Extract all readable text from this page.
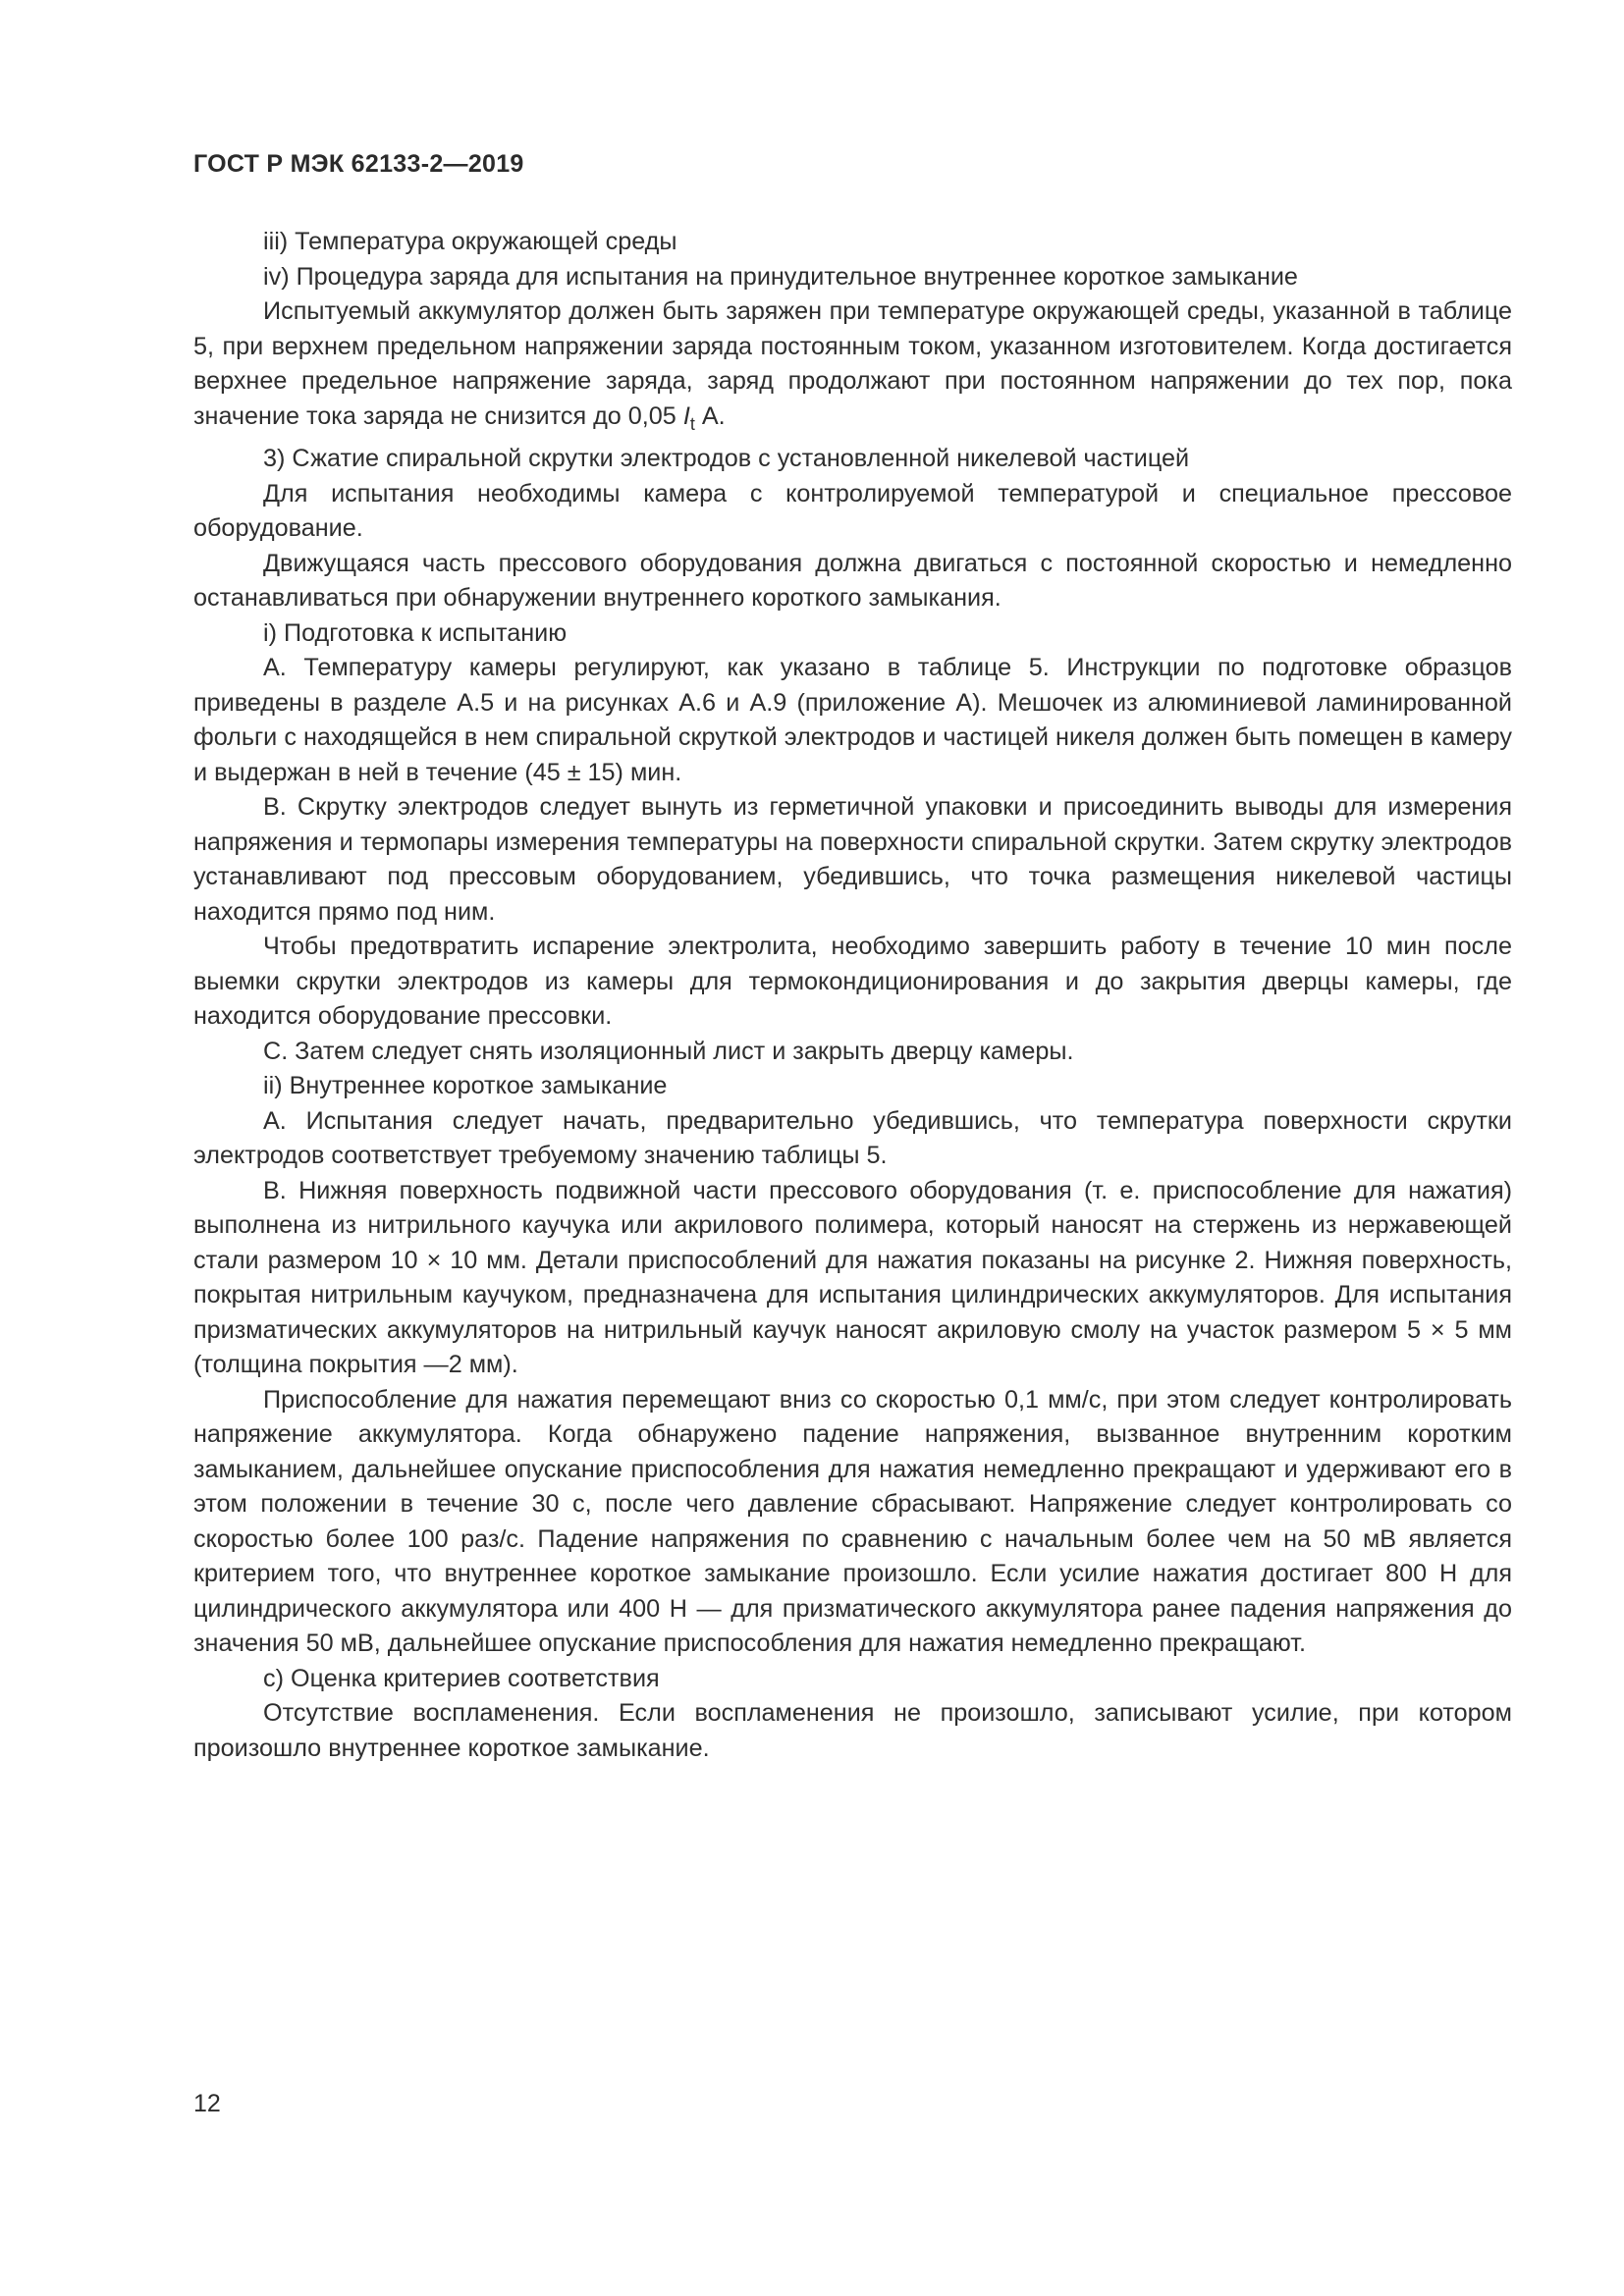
ГОСТ Р МЭК 62133-2—2019

iii) Температура окружающей среды

iv) Процедура заряда для испытания на принудительное внутреннее короткое замыкание

Испытуемый аккумулятор должен быть заряжен при температуре окружающей среды, указанной в таблице 5, при верхнем предельном напряжении заряда постоянным током, указанном изготовителем. Когда достигается верхнее предельное напряжение заряда, заряд продолжают при постоянном напряжении до тех пор, пока значение тока заряда не снизится до 0,05 $I_t$ А.

3) Сжатие спиральной скрутки электродов с установленной никелевой частицей

Для испытания необходимы камера с контролируемой температурой и специальное прессовое оборудование.

Движущаяся часть прессового оборудования должна двигаться с постоянной скоростью и немедленно останавливаться при обнаружении внутреннего короткого замыкания.

i) Подготовка к испытанию

A. Температуру камеры регулируют, как указано в таблице 5. Инструкции по подготовке образцов приведены в разделе А.5 и на рисунках А.6 и А.9 (приложение А). Мешочек из алюминиевой ламинированной фольги с находящейся в нем спиральной скруткой электродов и частицей никеля должен быть помещен в камеру и выдержан в ней в течение (45 ± 15) мин.

B. Скрутку электродов следует вынуть из герметичной упаковки и присоединить выводы для измерения напряжения и термопары измерения температуры на поверхности спиральной скрутки. Затем скрутку электродов устанавливают под прессовым оборудованием, убедившись, что точка размещения никелевой частицы находится прямо под ним.

Чтобы предотвратить испарение электролита, необходимо завершить работу в течение 10 мин после выемки скрутки электродов из камеры для термокондиционирования и до закрытия дверцы камеры, где находится оборудование прессовки.

C. Затем следует снять изоляционный лист и закрыть дверцу камеры.

ii) Внутреннее короткое замыкание

A. Испытания следует начать, предварительно убедившись, что температура поверхности скрутки электродов соответствует требуемому значению таблицы 5.

B. Нижняя поверхность подвижной части прессового оборудования (т. е. приспособление для нажатия) выполнена из нитрильного каучука или акрилового полимера, который наносят на стержень из нержавеющей стали размером 10 × 10 мм. Детали приспособлений для нажатия показаны на рисунке 2. Нижняя поверхность, покрытая нитрильным каучуком, предназначена для испытания цилиндрических аккумуляторов. Для испытания призматических аккумуляторов на нитрильный каучук наносят акриловую смолу на участок размером 5 × 5 мм (толщина покрытия —2 мм).

Приспособление для нажатия перемещают вниз со скоростью 0,1 мм/с, при этом следует контролировать напряжение аккумулятора. Когда обнаружено падение напряжения, вызванное внутренним коротким замыканием, дальнейшее опускание приспособления для нажатия немедленно прекращают и удерживают его в этом положении в течение 30 с, после чего давление сбрасывают. Напряжение следует контролировать со скоростью более 100 раз/с. Падение напряжения по сравнению с начальным более чем на 50 мВ является критерием того, что внутреннее короткое замыкание произошло. Если усилие нажатия достигает 800 Н для цилиндрического аккумулятора или 400 Н — для призматического аккумулятора ранее падения напряжения до значения 50 мВ, дальнейшее опускание приспособления для нажатия немедленно прекращают.

c) Оценка критериев соответствия

Отсутствие воспламенения. Если воспламенения не произошло, записывают усилие, при котором произошло внутреннее короткое замыкание.

12
